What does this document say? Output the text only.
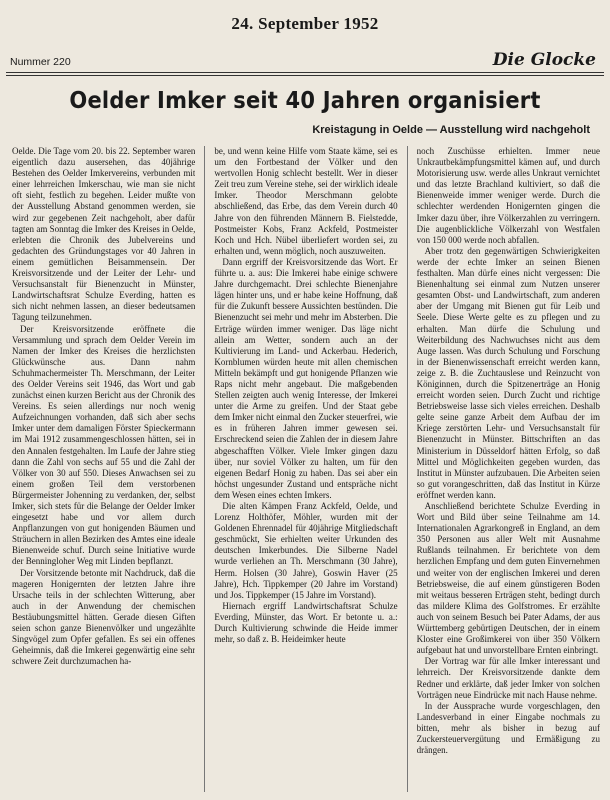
24. September 1952
Nummer 220	Die Glocke
Oelder Imker seit 40 Jahren organisiert
Kreistagung in Oelde — Ausstellung wird nachgeholt

Oelde. Die Tage vom 20. bis 22. September waren eigentlich dazu ausersehen, das 40jährige Bestehen des Oelder Imkervereins, verbunden mit einer lehrreichen Imkerschau, wie man sie nicht oft sieht, festlich zu begehen. Leider mußte von der Ausstellung Abstand genommen werden, sie wird zur gegebenen Zeit nachgeholt, aber dafür tagten am Sonntag die Imker des Kreises in Oelde, erlebten die Chronik des Jubelvereins und gedachten des Gründungstages vor 40 Jahren in einem gemütlichen Beisammensein. Der Kreisvorsitzende und der Leiter der Lehr- und Versuchsanstalt für Bienenzucht in Münster, Landwirtschaftsrat Schulze Everding, hatten es sich nicht nehmen lassen, an dieser bedeutsamen Tagung teilzunehmen.

Der Kreisvorsitzende eröffnete die Versammlung und sprach dem Oelder Verein im Namen der Imker des Kreises die herzlichsten Glückwünsche aus. Dann nahm Schuhmachermeister Th. Merschmann, der Leiter des Oelder Vereins seit 1946, das Wort und gab zunächst einen kurzen Bericht aus der Chronik des Vereins. Es seien allerdings nur noch wenig Aufzeichnungen vorhanden, daß sich aber sechs Imker unter dem damaligen Förster Spieckermann im Mai 1912 zusammengeschlossen hätten, sei in den Annalen festgehalten. Im Laufe der Jahre stieg dann die Zahl von sechs auf 55 und die Zahl der Völker von 30 auf 550. Dieses Anwachsen sei zu einem großen Teil dem verstorbenen Bürgermeister Johenning zu verdanken, der, selbst Imker, sich stets für die Belange der Oelder Imker eingesetzt habe und vor allem durch Anpflanzungen von gut honigenden Bäumen und Sträuchern in allen Bezirken des Amtes eine ideale Bienenweide schuf. Durch seine Initiative wurde der Benningloher Weg mit Linden bepflanzt.

Der Vorsitzende betonte mit Nachdruck, daß die mageren Honigernten der letzten Jahre ihre Ursache teils in der schlechten Witterung, aber auch in der Anwendung der chemischen Bestäubungsmittel hätten. Gerade diesen Giften seien schon ganze Bienenvölker und ungezählte Singvögel zum Opfer gefallen. Es sei ein offenes Geheimnis, daß die Imkerei gegenwärtig eine sehr schwere Zeit durchzumachen ha-

be, und wenn keine Hilfe vom Staate käme, sei es um den Fortbestand der Völker und den wertvollen Honig schlecht bestellt. Wer in dieser Zeit treu zum Vereine stehe, sei der wirklich ideale Imker. Theodor Merschmann gelobte abschließend, das Erbe, das dem Verein durch 40 Jahre von den führenden Männern B. Fielstedde, Postmeister Kobs, Franz Ackfeld, Postmeister Koch und Hch. Nübel überliefert worden sei, zu erhalten und, wenn möglich, noch auszuweiten.

Dann ergriff der Kreisvorsitzende das Wort. Er führte u. a. aus: Die Imkerei habe einige schwere Jahre durchgemacht. Drei schlechte Bienenjahre lägen hinter uns, und er habe keine Hoffnung, daß für die Zukunft bessere Aussichten bestünden. Die Bienenzucht sei mehr und mehr im Absterben. Die Erträge würden immer weniger. Das läge nicht allein am Wetter, sondern auch an der Kultivierung im Land- und Ackerbau. Hederich, Kornblumen würden heute mit allen chemischen Mitteln bekämpft und gut honigende Pflanzen wie Raps nicht mehr angebaut. Die maßgebenden Stellen zeigten auch wenig Interesse, der Imkerei unter die Arme zu greifen. Und der Staat gebe dem Imker nicht einmal den Zucker steuerfrei, wie es in früheren Jahren immer gewesen sei. Erschreckend seien die Zahlen der in diesem Jahre abgeschafften Völker. Viele Imker gingen dazu über, nur soviel Völker zu halten, um für den eigenen Bedarf Honig zu haben. Das sei aber ein höchst ungesunder Zustand und entspräche nicht dem Wesen eines echten Imkers.

Die alten Kämpen Franz Ackfeld, Oelde, und Lorenz Holthöfer, Möhler, wurden mit der Goldenen Ehrennadel für 40jährige Mitgliedschaft geschmückt, Sie erhielten weiter Urkunden des deutschen Imkerbundes. Die Silberne Nadel wurde verliehen an Th. Merschmann (30 Jahre), Herm. Holsen (30 Jahre), Goswin Haver (25 Jahre), Hch. Tippkemper (20 Jahre im Vorstand) und Jos. Tippkemper (15 Jahre im Vorstand).

Hiernach ergriff Landwirtschaftsrat Schulze Everding, Münster, das Wort. Er betonte u. a.: Durch Kultivierung schwinde die Heide immer mehr, so daß z. B. Heideimker heute

noch Zuschüsse erhielten. Immer neue Unkrautbekämpfungsmittel kämen auf, und durch Motorisierung usw. werde alles Unkraut vernichtet und das letzte Brachland kultiviert, so daß die Bienenweide immer weniger werde. Durch die schlechter werdenden Honigernten gingen die Imker dazu über, ihre Völkerzahlen zu verringern. Die augenblickliche Völkerzahl von Westfalen von 150 000 werde noch abfallen.

Aber trotz den gegenwärtigen Schwierigkeiten werde der echte Imker an seinen Bienen festhalten. Man dürfe eines nicht vergessen: Die Bienenhaltung sei einmal zum Nutzen unserer gesamten Obst- und Landwirtschaft, zum anderen aber der Umgang mit Bienen gut für Leib und Seele. Diese Werte gelte es zu pflegen und zu erhalten. Man dürfe die Schulung und Weiterbildung des Nachwuchses nicht aus dem Auge lassen. Was durch Schulung und Forschung in der Bienenwissenschaft erreicht werden kann, zeige z. B. die Zuchtauslese und Reinzucht von Königinnen, durch die Spitzenerträge an Honig erreicht worden seien. Durch Zucht und richtige Betriebsweise lasse sich vieles erreichen. Deshalb gelte seine ganze Arbeit dem Aufbau der im Kriege zerstörten Lehr- und Versuchsanstalt für Bienenzucht in Münster. Bittschriften an das Ministerium in Düsseldorf hätten Erfolg, so daß Mittel und Möglichkeiten gegeben wurden, das Institut in Münster aufzubauen. Die Arbeiten seien so gut vorangeschritten, daß das Institut in Kürze eröffnet werden kann.

Anschließend berichtete Schulze Everding in Wort und Bild über seine Teilnahme am 14. Internationalen Agrarkongreß in England, an dem 350 Personen aus aller Welt mit Ausnahme Rußlands teilnahmen. Er berichtete von dem herzlichen Empfang und dem guten Einvernehmen und weiter von der englischen Imkerei und deren Betriebsweise, die auf einem günstigeren Boden mit weitaus besseren Erträgen steht, bedingt durch das mildere Klima des Golfstromes. Er erzählte auch von seinem Besuch bei Pater Adams, der aus Württemberg gebürtigen Deutschen, der in einem Kloster eine Großimkerei von über 350 Völkern aufgebaut hat und unvorstellbare Ernten einbringt.

Der Vortrag war für alle Imker interessant und lehrreich. Der Kreisvorsitzende dankte dem Redner und erklärte, daß jeder Imker von solchen Vorträgen neue Eindrücke mit nach Hause nehme.

In der Aussprache wurde vorgeschlagen, den Landesverband in einer Eingabe nochmals zu bitten, mehr als bisher in bezug auf Zuckersteuervergütung und Ermäßigung zu drängen.
